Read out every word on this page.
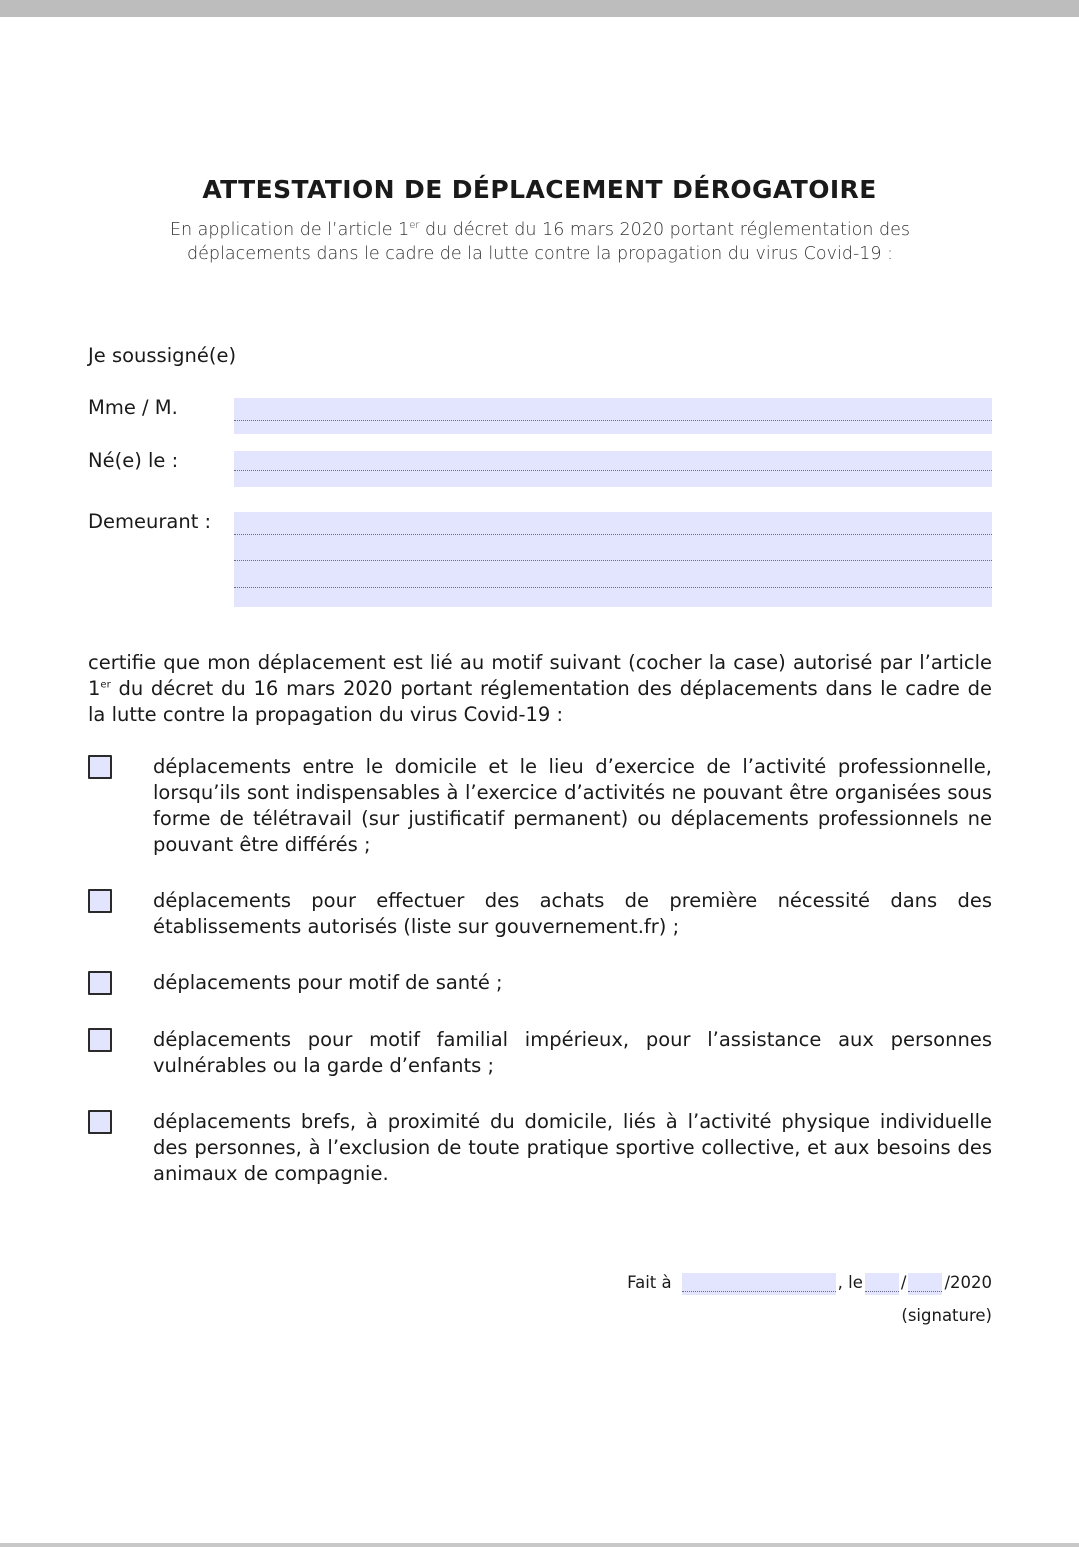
ATTESTATION DE DÉPLACEMENT DÉROGATOIRE

En application de l’article 1er du décret du 16 mars 2020 portant réglementation des
déplacements dans le cadre de la lutte contre la propagation du virus Covid-19 :

Je soussigné(e)

Mme / M.

Né(e) le :

Demeurant :

certifie que mon déplacement est lié au motif suivant (cocher la case) autorisé par l’article 1er du décret du 16 mars 2020 portant réglementation des déplacements dans le cadre de la lutte contre la propagation du virus Covid-19 :

déplacements entre le domicile et le lieu d’exercice de l’activité professionnelle, lorsqu’ils sont indispensables à l’exercice d’activités ne pouvant être organisées sous forme de télétravail (sur justificatif permanent) ou déplacements professionnels ne pouvant être différés ;

déplacements pour effectuer des achats de première nécessité dans des établissements autorisés (liste sur gouvernement.fr) ;

déplacements pour motif de santé ;

déplacements pour motif familial impérieux, pour l’assistance aux personnes vulnérables ou la garde d’enfants ;

déplacements brefs, à proximité du domicile, liés à l’activité physique individuelle des personnes, à l’exclusion de toute pratique sportive collective, et aux besoins des animaux de compagnie.

Fait à	, le / /2020
(signature)
